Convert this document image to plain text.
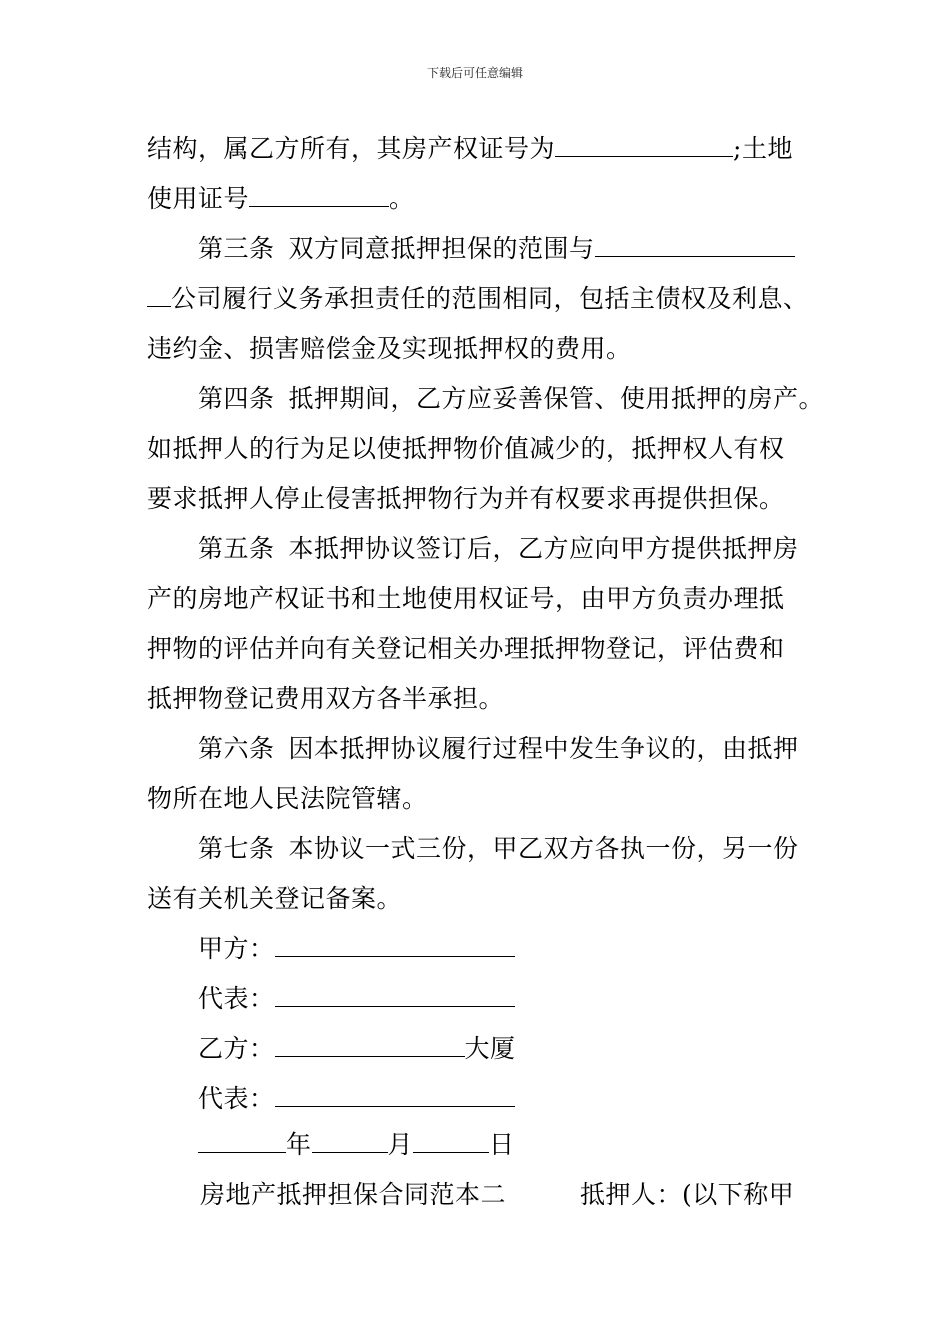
下载后可任意编辑
结构，属乙方所有，其房产权证号为	;土地
使用证号	。
第三条 双方同意抵押担保的范围与
公司履行义务承担责任的范围相同，包括主债权及利息、
违约金、损害赔偿金及实现抵押权的费用。
第四条 抵押期间，乙方应妥善保管、使用抵押的房产。
如抵押人的行为足以使抵押物价值减少的，抵押权人有权
要求抵押人停止侵害抵押物行为并有权要求再提供担保。
第五条 本抵押协议签订后，乙方应向甲方提供抵押房
产的房地产权证书和土地使用权证号，由甲方负责办理抵
押物的评估并向有关登记相关办理抵押物登记，评估费和
抵押物登记费用双方各半承担。
第六条 因本抵押协议履行过程中发生争议的，由抵押
物所在地人民法院管辖。
第七条 本协议一式三份，甲乙双方各执一份，另一份
送有关机关登记备案。
甲方：
代表：
乙方：	大厦
代表：
年	月	日
房地产抵押担保合同范本二	抵押人：(以下称甲
